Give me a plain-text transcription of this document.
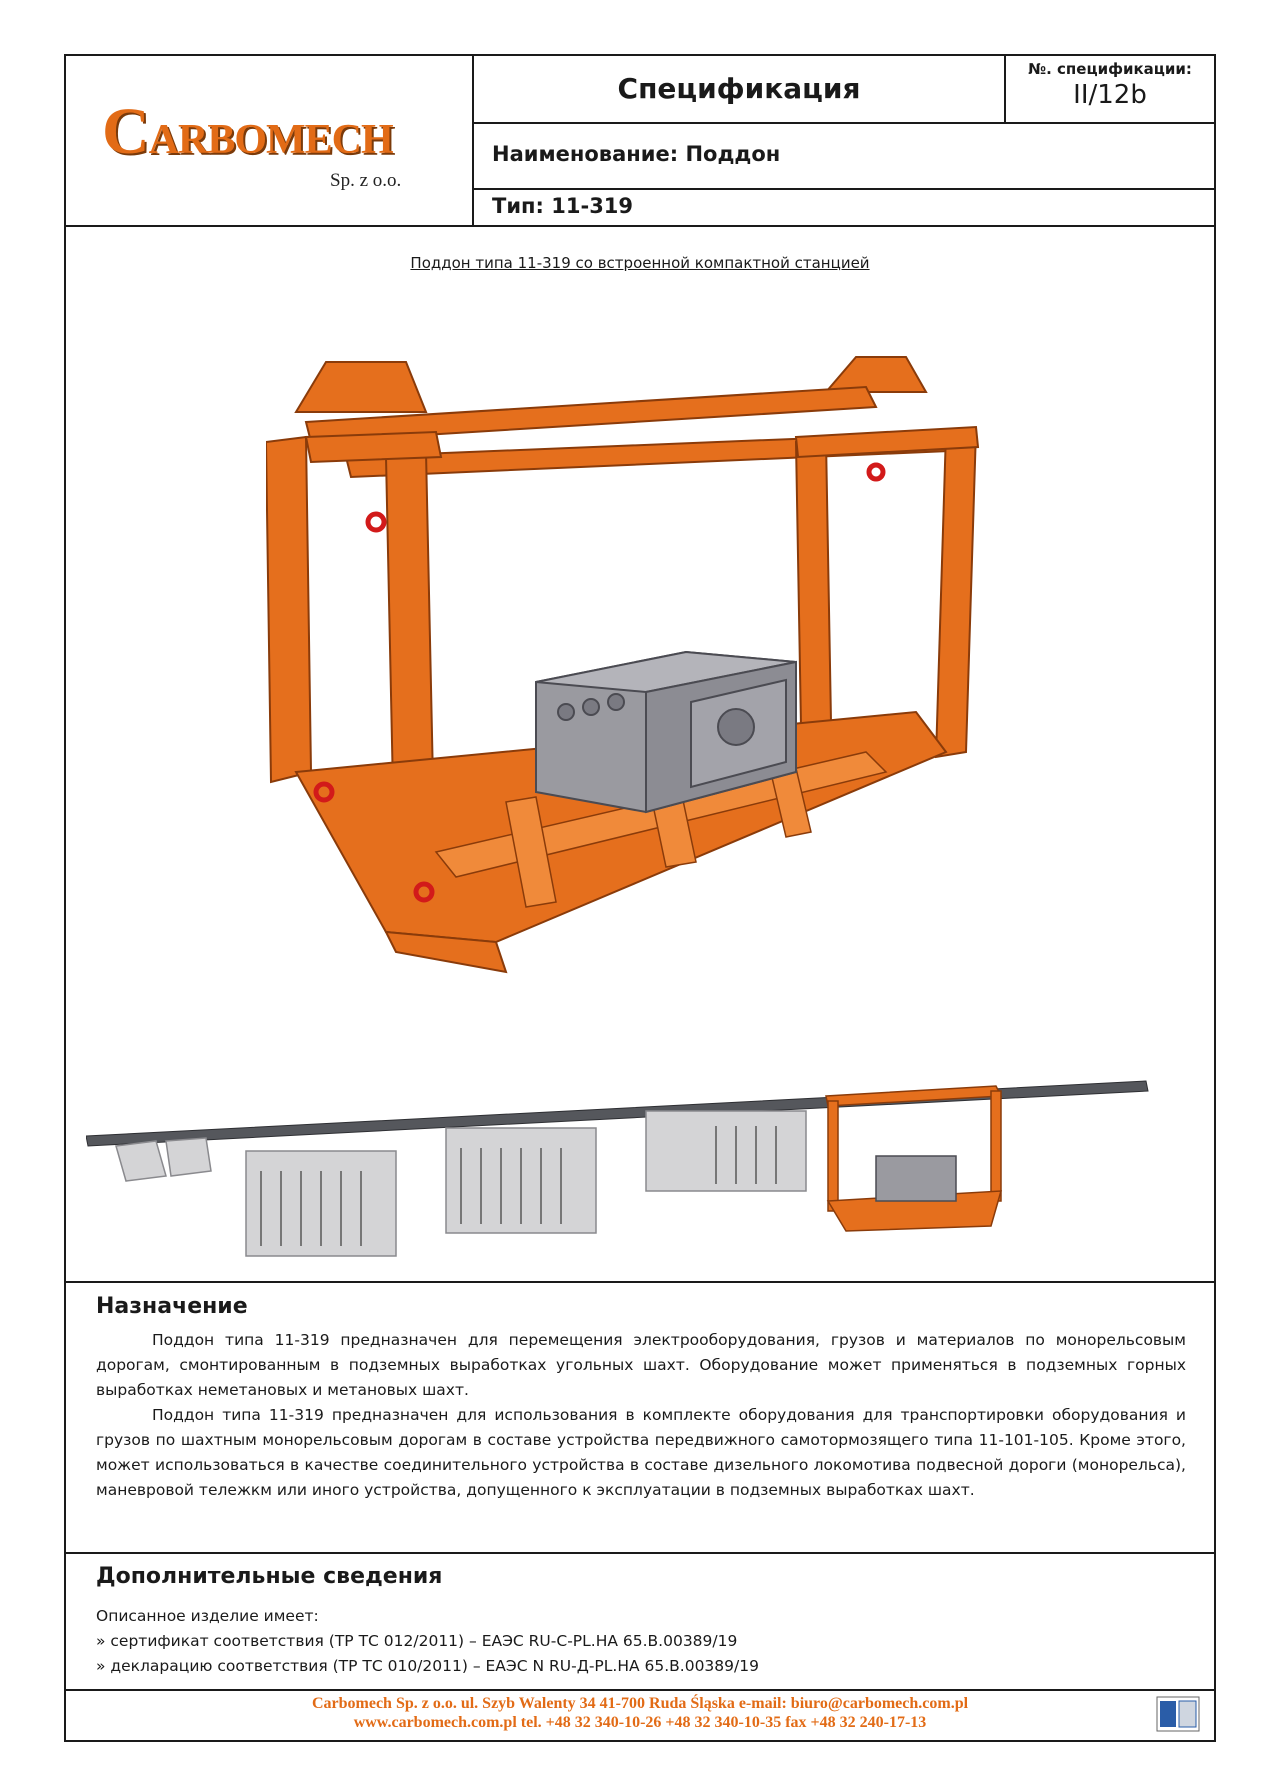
CARBOMECH
Sp. z o.o.
Спецификация
№. спецификации:
II/12b
Наименование: Поддон
Тип: 11-319
Поддон типа 11-319 со встроенной компактной станцией
Назначение

Поддон типа 11-319 предназначен для перемещения электрооборудования, грузов и материалов по монорельсовым дорогам, смонтированным в подземных выработках угольных шахт. Оборудование может применяться в подземных горных выработках неметановых и метановых шахт.

Поддон типа 11-319 предназначен для использования в комплекте оборудования для транспортировки оборудования и грузов по шахтным монорельсовым дорогам в составе устройства передвижного самотормозящего типа 11-101-105. Кроме этого, может использоваться в качестве соединительного устройства в составе дизельного локомотива подвесной дороги (монорельса), маневровой тележкм или иного устройства, допущенного к эксплуатации в подземных выработках шахт.

Дополнительные сведения
Описанное изделие имеет:
» сертификат соответствия (ТР ТС 012/2011) – ЕАЭС RU-C-PL.HA 65.B.00389/19
» декларацию соответствия (ТР ТС 010/2011) – ЕАЭС N RU-Д-PL.HA 65.B.00389/19
Carbomech Sp. z o.o. ul. Szyb Walenty 34 41-700 Ruda Śląska e-mail: biuro@carbomech.com.pl
www.carbomech.com.pl tel. +48 32 340-10-26 +48 32 340-10-35 fax +48 32 240-17-13
